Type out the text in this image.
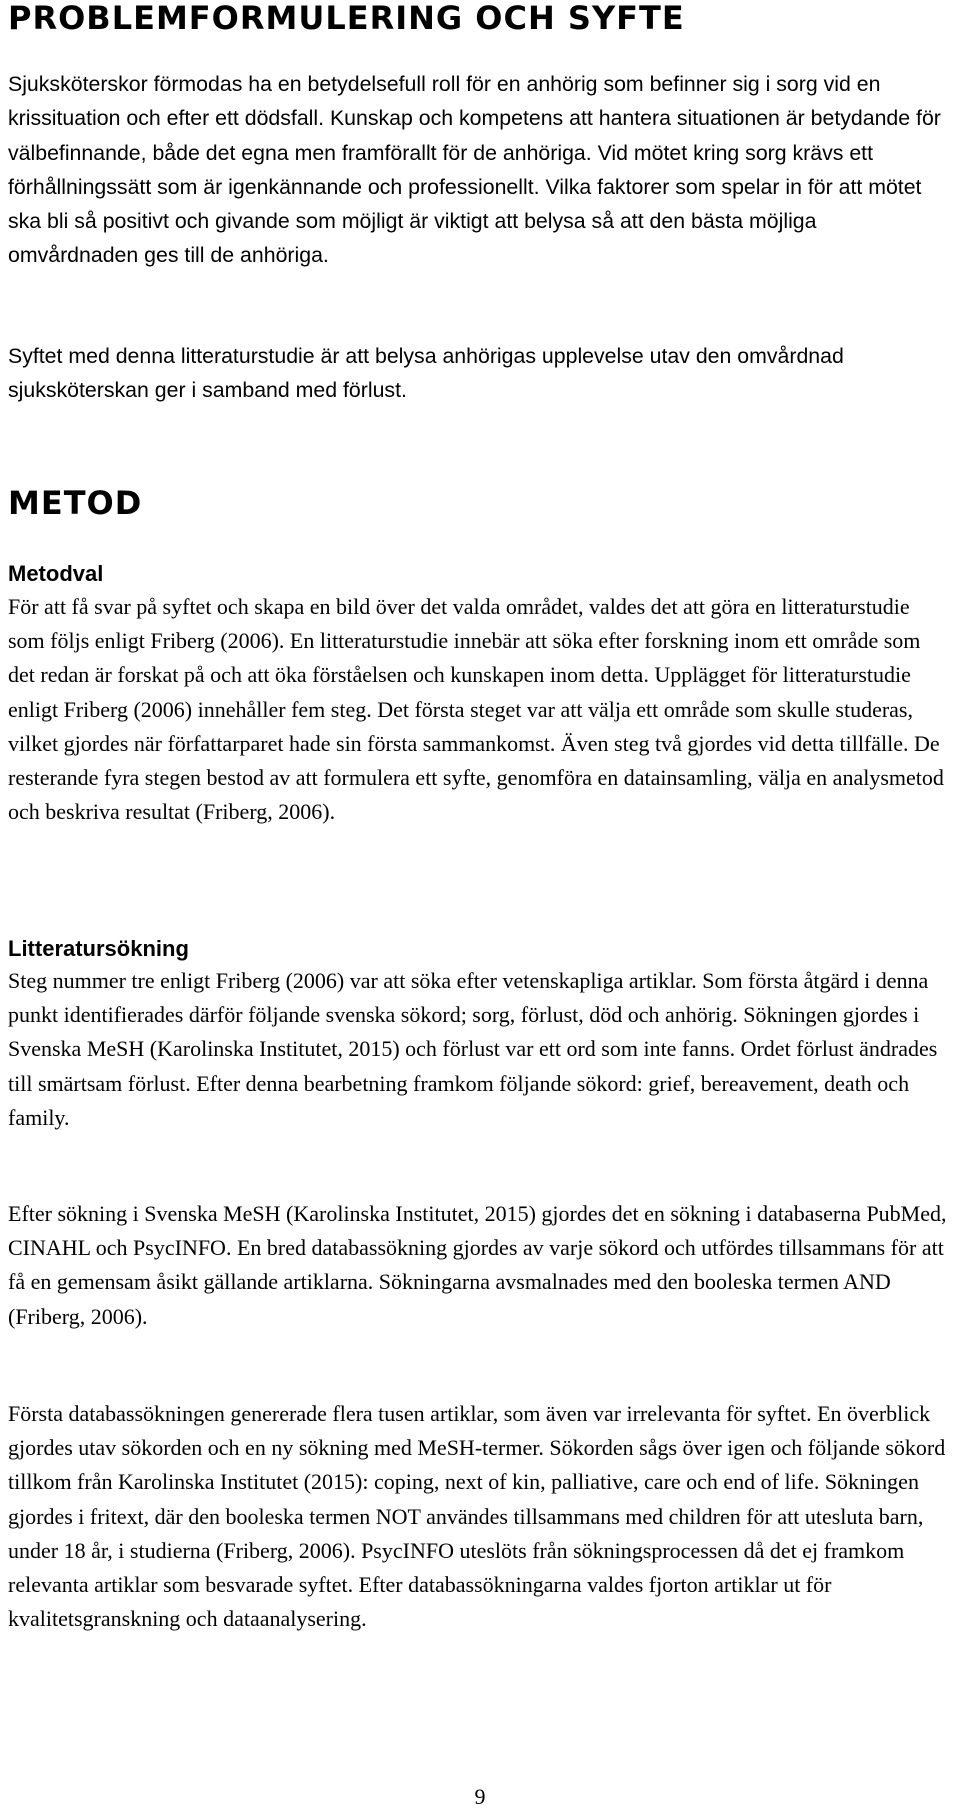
PROBLEMFORMULERING OCH SYFTE

Sjuksköterskor förmodas ha en betydelsefull roll för en anhörig som befinner sig i sorg vid en krissituation och efter ett dödsfall. Kunskap och kompetens att hantera situationen är betydande för välbefinnande, både det egna men framförallt för de anhöriga. Vid mötet kring sorg krävs ett förhållningssätt som är igenkännande och professionellt. Vilka faktorer som spelar in för att mötet ska bli så positivt och givande som möjligt är viktigt att belysa så att den bästa möjliga omvårdnaden ges till de anhöriga.

Syftet med denna litteraturstudie är att belysa anhörigas upplevelse utav den omvårdnad sjuksköterskan ger i samband med förlust.

METOD
Metodval

För att få svar på syftet och skapa en bild över det valda området, valdes det att göra en litteraturstudie som följs enligt Friberg (2006). En litteraturstudie innebär att söka efter forskning inom ett område som det redan är forskat på och att öka förståelsen och kunskapen inom detta. Upplägget för litteraturstudie enligt Friberg (2006) innehåller fem steg. Det första steget var att välja ett område som skulle studeras, vilket gjordes när författarparet hade sin första sammankomst. Även steg två gjordes vid detta tillfälle. De resterande fyra stegen bestod av att formulera ett syfte, genomföra en datainsamling, välja en analysmetod och beskriva resultat (Friberg, 2006).

Litteratursökning

Steg nummer tre enligt Friberg (2006) var att söka efter vetenskapliga artiklar. Som första åtgärd i denna punkt identifierades därför följande svenska sökord; sorg, förlust, död och anhörig. Sökningen gjordes i Svenska MeSH (Karolinska Institutet, 2015) och förlust var ett ord som inte fanns. Ordet förlust ändrades till smärtsam förlust. Efter denna bearbetning framkom följande sökord: grief, bereavement, death och family.

Efter sökning i Svenska MeSH (Karolinska Institutet, 2015) gjordes det en sökning i databaserna PubMed, CINAHL och PsycINFO. En bred databassökning gjordes av varje sökord och utfördes tillsammans för att få en gemensam åsikt gällande artiklarna. Sökningarna avsmalnades med den booleska termen AND (Friberg, 2006).

Första databassökningen genererade flera tusen artiklar, som även var irrelevanta för syftet. En överblick gjordes utav sökorden och en ny sökning med MeSH-termer. Sökorden sågs över igen och följande sökord tillkom från Karolinska Institutet (2015): coping, next of kin, palliative, care och end of life. Sökningen gjordes i fritext, där den booleska termen NOT användes tillsammans med children för att utesluta barn, under 18 år, i studierna (Friberg, 2006). PsycINFO uteslöts från sökningsprocessen då det ej framkom relevanta artiklar som besvarade syftet. Efter databassökningarna valdes fjorton artiklar ut för kvalitetsgranskning och dataanalysering.

9
